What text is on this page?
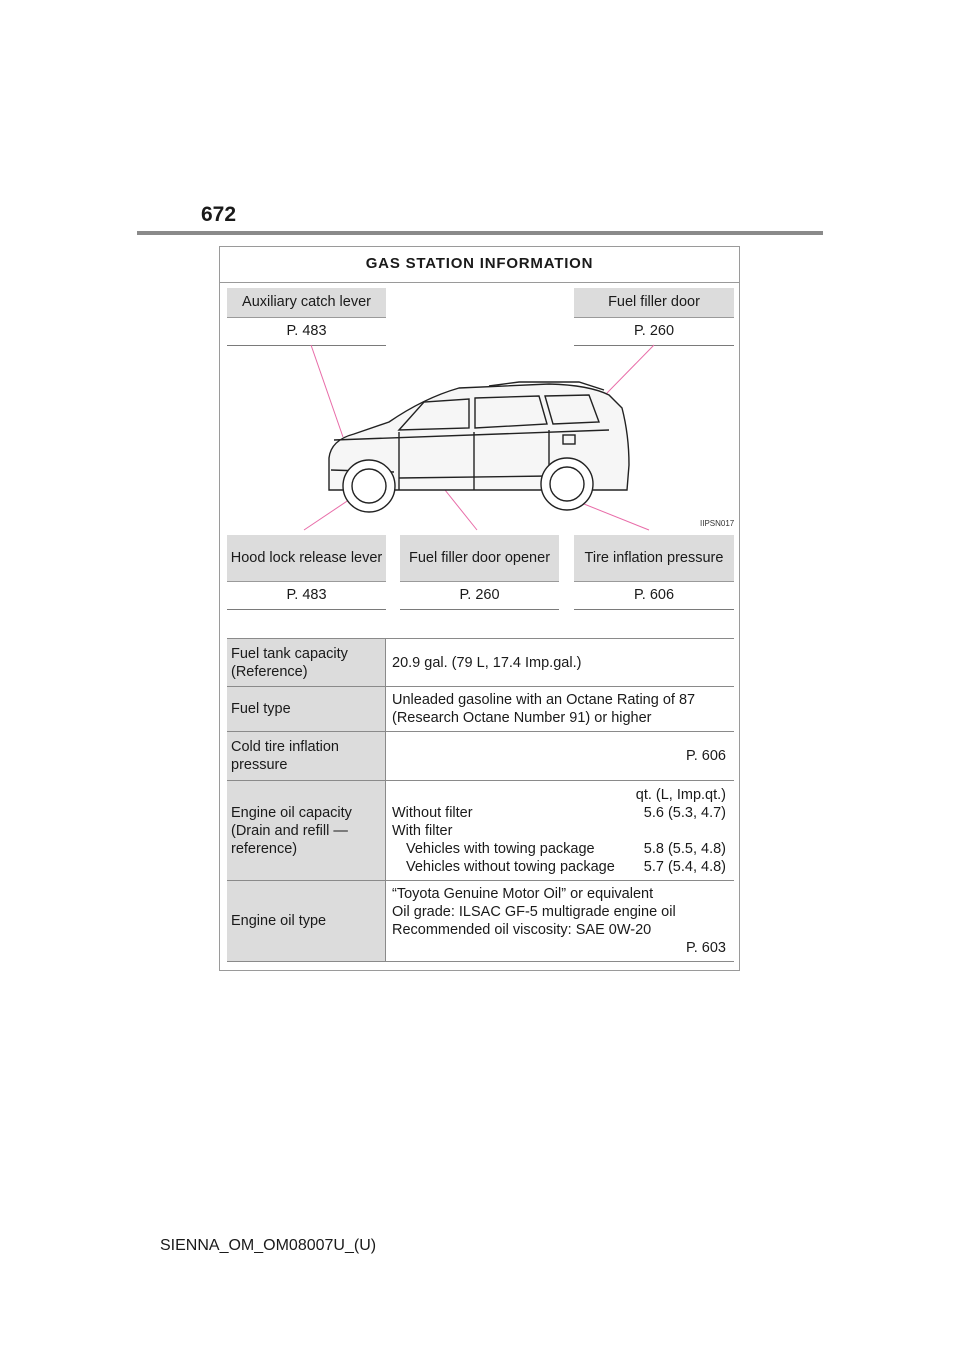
672
GAS STATION INFORMATION
Auxiliary catch lever
P. 483
Fuel filler door
P. 260
IIPSN017
Hood lock release lever
P. 483
Fuel filler door opener
P. 260
Tire inflation pressure
P. 606
Fuel tank capacity (Reference)
20.9 gal. (79 L, 17.4 Imp.gal.)
Fuel type
Unleaded gasoline with an Octane Rating of 87
(Research Octane Number 91) or higher
Cold tire inflation pressure
P. 606
Engine oil capacity (Drain and refill — reference)
qt. (L, Imp.qt.)
Without filter	5.6 (5.3, 4.7)
With filter
Vehicles with towing package	5.8 (5.5, 4.8)
Vehicles without towing package 5.7 (5.4, 4.8)
Engine oil type
“Toyota Genuine Motor Oil” or equivalent
Oil grade: ILSAC GF-5 multigrade engine oil
Recommended oil viscosity: SAE 0W-20
P. 603
SIENNA_OM_OM08007U_(U)
